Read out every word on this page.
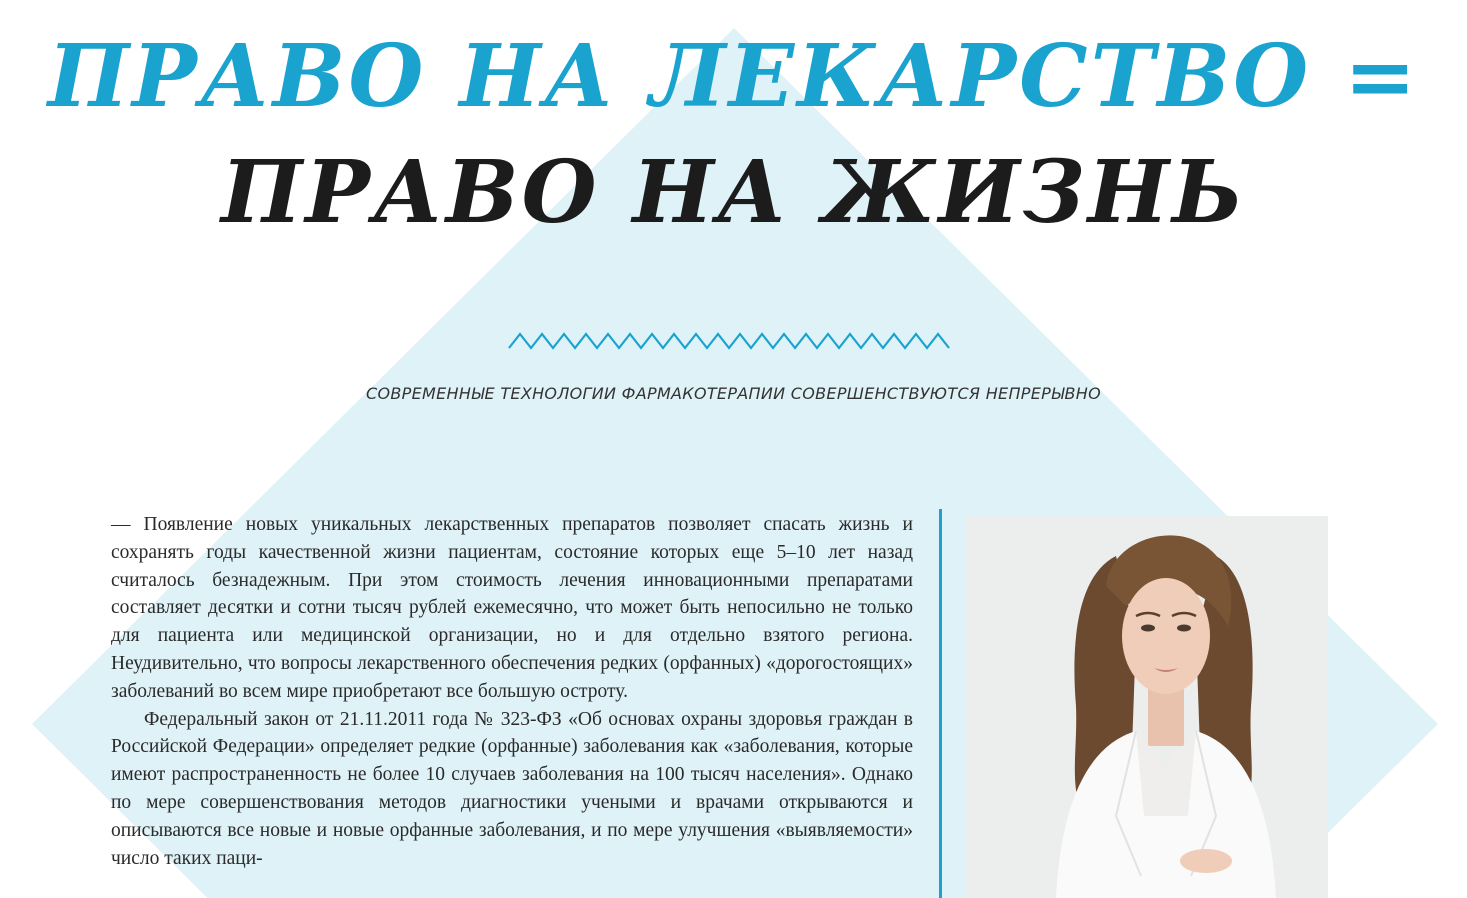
ПРАВО НА ЛЕКАРСТВО =
ПРАВО НА ЖИЗНЬ
СОВРЕМЕННЫЕ ТЕХНОЛОГИИ ФАРМАКОТЕРАПИИ СОВЕРШЕНСТВУЮТСЯ НЕПРЕРЫВНО

— Появление новых уникальных лекарственных препаратов позволяет спасать жизнь и сохранять годы качественной жизни пациентам, состояние которых еще 5–10 лет назад считалось безнадежным. При этом стоимость лечения инновационными препаратами составляет десятки и сотни тысяч рублей ежемесячно, что может быть непосильно не только для пациента или медицинской организации, но и для отдельно взятого региона. Неудивительно, что вопросы лекарственного обеспечения редких (орфанных) «дорогостоящих» заболеваний во всем мире приобретают все большую остроту.

Федеральный закон от 21.11.2011 года № 323-ФЗ «Об основах охраны здоровья граждан в Российской Федерации» определяет редкие (орфанные) заболевания как «заболевания, которые имеют распространенность не более 10 случаев заболевания на 100 тысяч населения». Однако по мере совершенствования методов диагностики учеными и врачами открываются и описываются все новые и новые орфанные заболевания, и по мере улучшения «выявляемости» число таких паци-
